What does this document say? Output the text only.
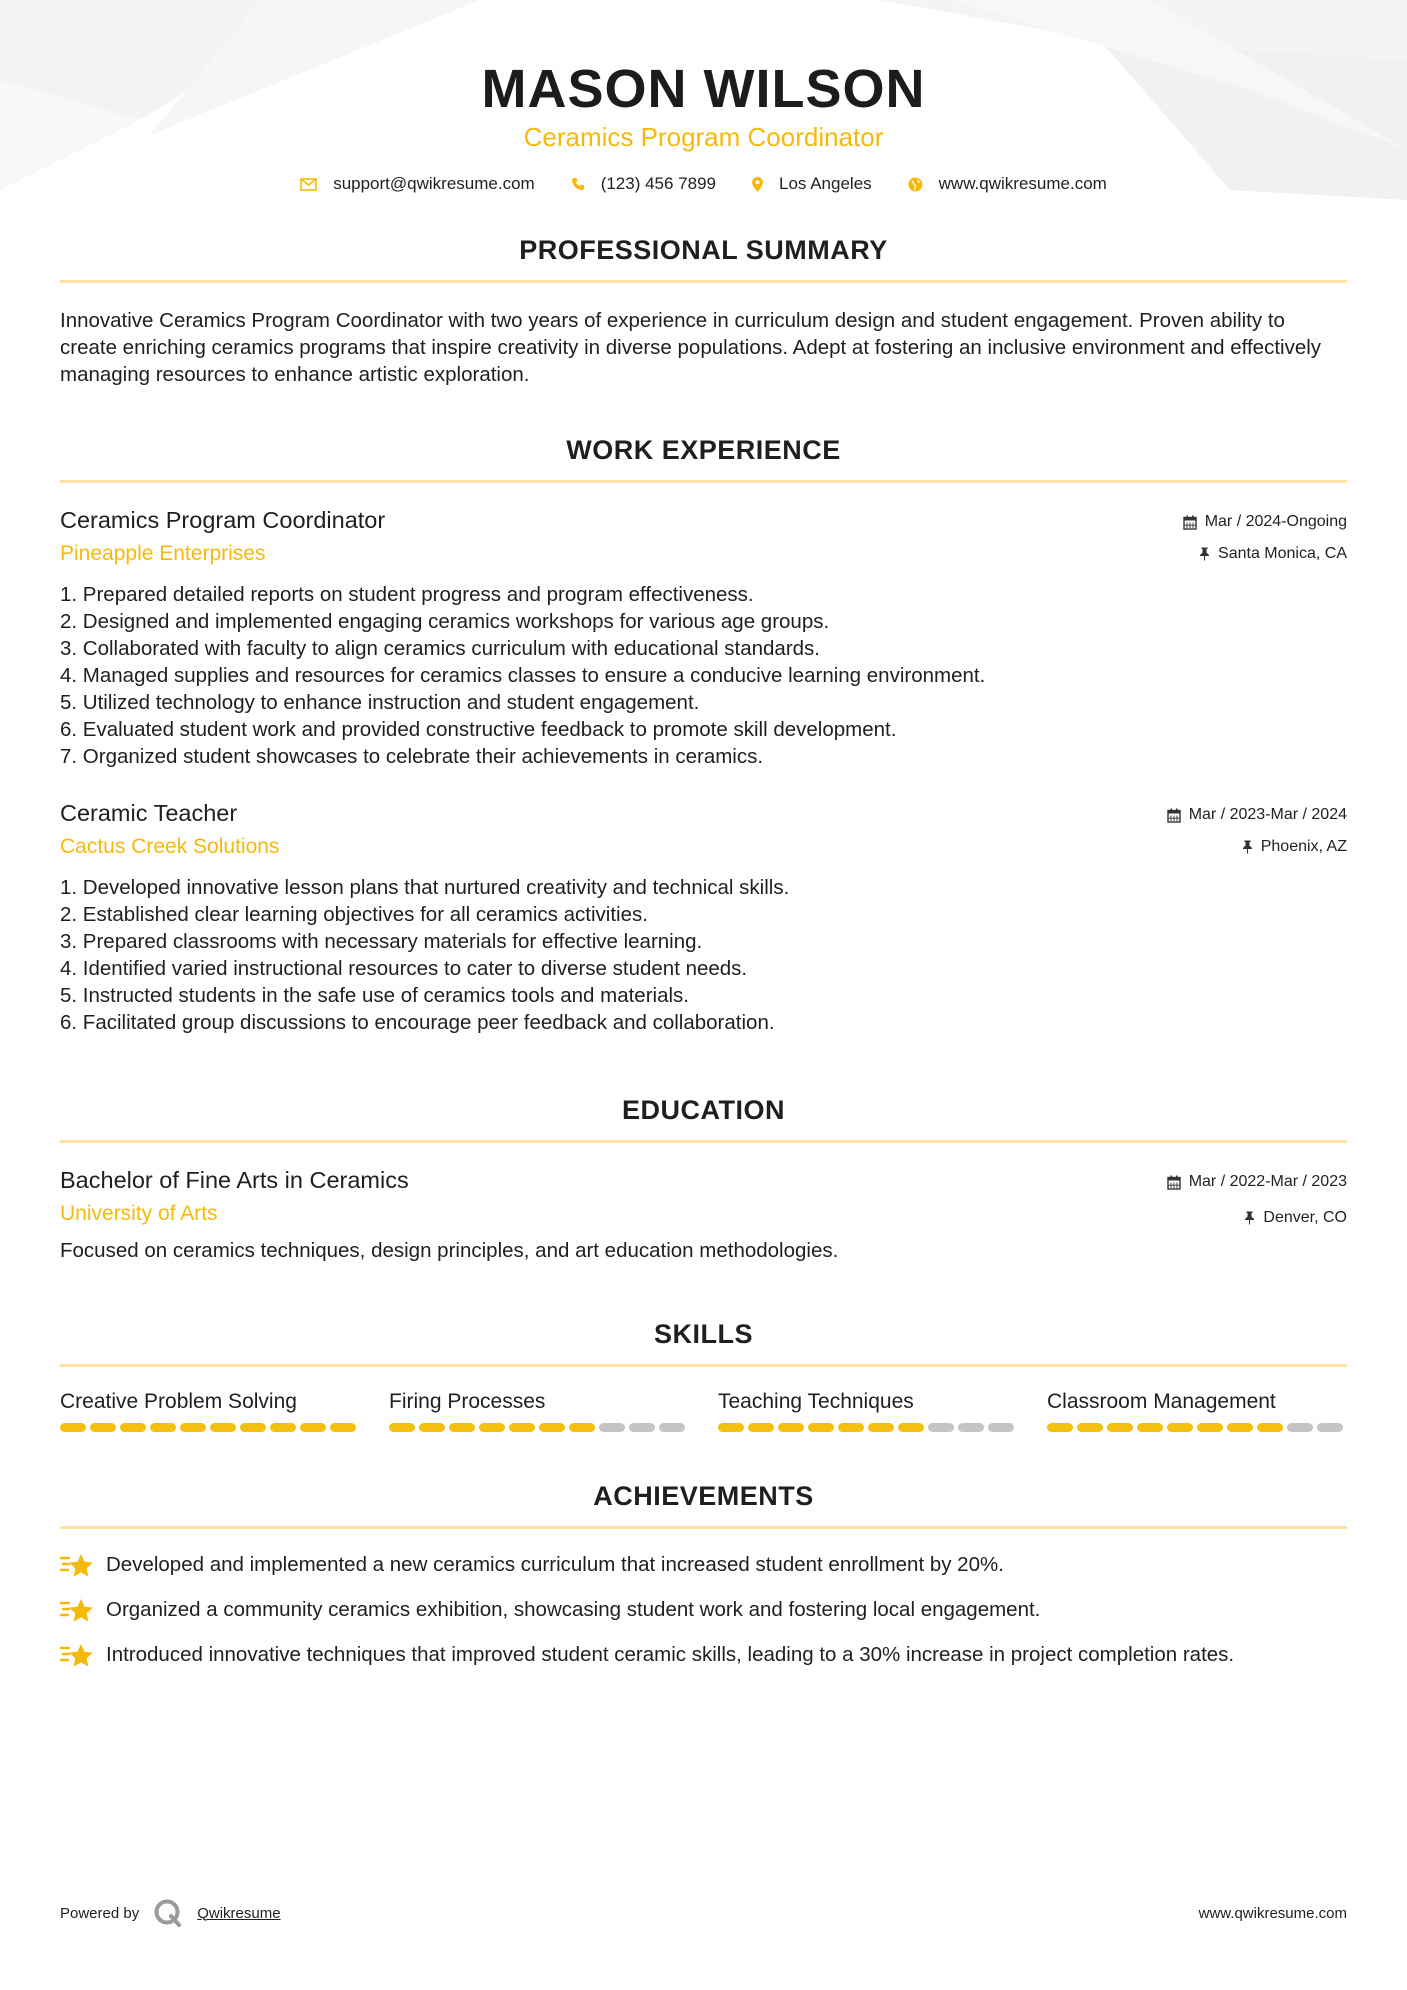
MASON WILSON
Ceramics Program Coordinator
support@qwikresume.com	(123) 456 7899	Los Angeles	www.qwikresume.com
PROFESSIONAL SUMMARY
Innovative Ceramics Program Coordinator with two years of experience in curriculum design and student engagement. Proven ability to create enriching ceramics programs that inspire creativity in diverse populations. Adept at fostering an inclusive environment and effectively managing resources to enhance artistic exploration.
WORK EXPERIENCE
Ceramics Program Coordinator
Pineapple Enterprises
Mar / 2024-Ongoing
Santa Monica, CA
1. Prepared detailed reports on student progress and program effectiveness.
2. Designed and implemented engaging ceramics workshops for various age groups.
3. Collaborated with faculty to align ceramics curriculum with educational standards.
4. Managed supplies and resources for ceramics classes to ensure a conducive learning environment.
5. Utilized technology to enhance instruction and student engagement.
6. Evaluated student work and provided constructive feedback to promote skill development.
7. Organized student showcases to celebrate their achievements in ceramics.
Ceramic Teacher
Cactus Creek Solutions
Mar / 2023-Mar / 2024
Phoenix, AZ
1. Developed innovative lesson plans that nurtured creativity and technical skills.
2. Established clear learning objectives for all ceramics activities.
3. Prepared classrooms with necessary materials for effective learning.
4. Identified varied instructional resources to cater to diverse student needs.
5. Instructed students in the safe use of ceramics tools and materials.
6. Facilitated group discussions to encourage peer feedback and collaboration.
EDUCATION
Bachelor of Fine Arts in Ceramics
University of Arts
Mar / 2022-Mar / 2023
Denver, CO
Focused on ceramics techniques, design principles, and art education methodologies.
SKILLS
Creative Problem Solving	Firing Processes	Teaching Techniques	Classroom Management
ACHIEVEMENTS
Developed and implemented a new ceramics curriculum that increased student enrollment by 20%.
Organized a community ceramics exhibition, showcasing student work and fostering local engagement.
Introduced innovative techniques that improved student ceramic skills, leading to a 30% increase in project completion rates.
Powered by	Qwikresume	www.qwikresume.com
